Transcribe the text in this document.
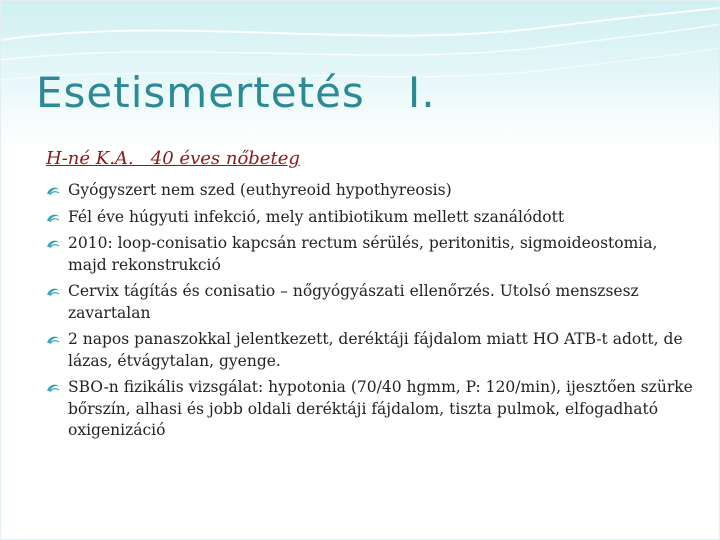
Esetismertetés   I.
H-né K.A.   40 éves nőbeteg
Gyógyszert nem szed (euthyreoid hypothyreosis)
Fél éve húgyuti infekció, mely antibiotikum mellett szanálódott
2010: loop-conisatio kapcsán rectum sérülés, peritonitis, sigmoideostomia, majd rekonstrukció
Cervix tágítás és conisatio – nőgyógyászati ellenőrzés. Utolsó menszsesz zavartalan
2 napos panaszokkal jelentkezett, deréktáji fájdalom miatt HO ATB-t adott, de lázas, étvágytalan, gyenge.
SBO-n fizikális vizsgálat: hypotonia (70/40 hgmm, P: 120/min), ijesztően szürke bőrszín, alhasi és jobb oldali deréktáji fájdalom, tiszta pulmok, elfogadható oxigenizáció
